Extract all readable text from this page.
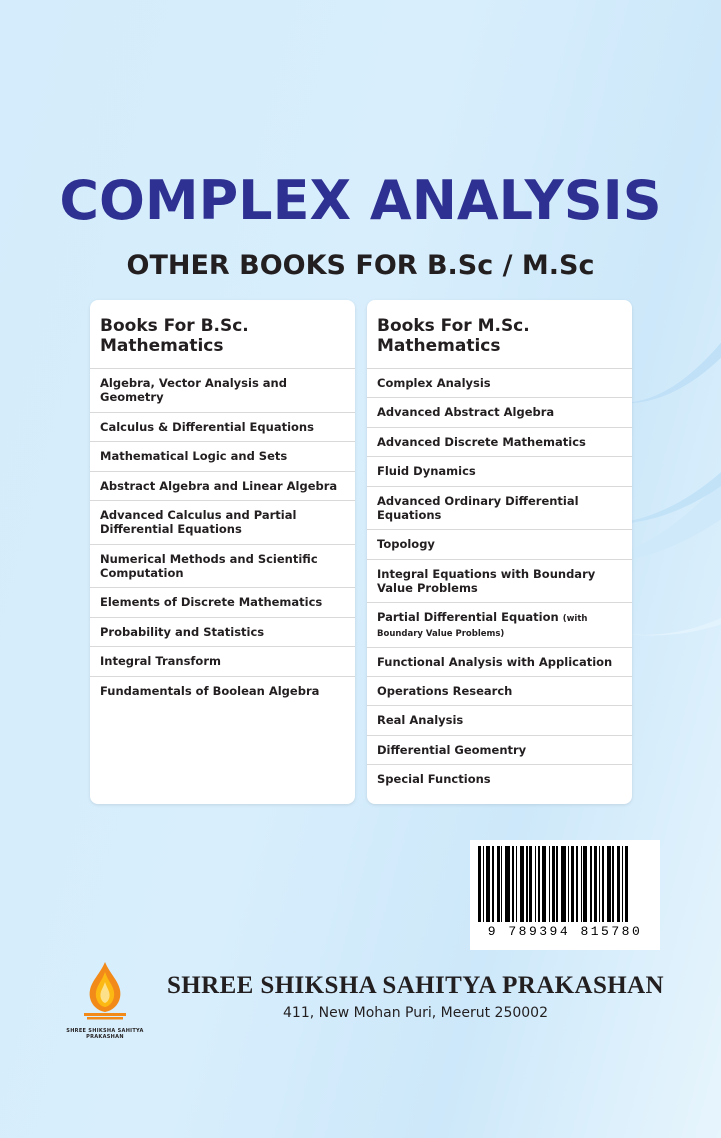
COMPLEX ANALYSIS
OTHER BOOKS FOR B.Sc / M.Sc
Books For B.Sc. Mathematics
Algebra, Vector Analysis and Geometry
Calculus & Differential Equations
Mathematical Logic and Sets
Abstract Algebra and Linear Algebra
Advanced Calculus and Partial Differential Equations
Numerical Methods and Scientific Computation
Elements of Discrete Mathematics
Probability and Statistics
Integral Transform
Fundamentals of Boolean Algebra
Books For M.Sc. Mathematics
Complex Analysis
Advanced Abstract Algebra
Advanced Discrete Mathematics
Fluid Dynamics
Advanced Ordinary Differential Equations
Topology
Integral Equations with Boundary Value Problems
Partial Differential Equation (with Boundary Value Problems)
Functional Analysis with Application
Operations Research
Real Analysis
Differential Geomentry
Special Functions
9 789394 815780
SHREE SHIKSHA SAHITYA PRAKASHAN
SHREE SHIKSHA SAHITYA PRAKASHAN
411, New Mohan Puri, Meerut 250002
